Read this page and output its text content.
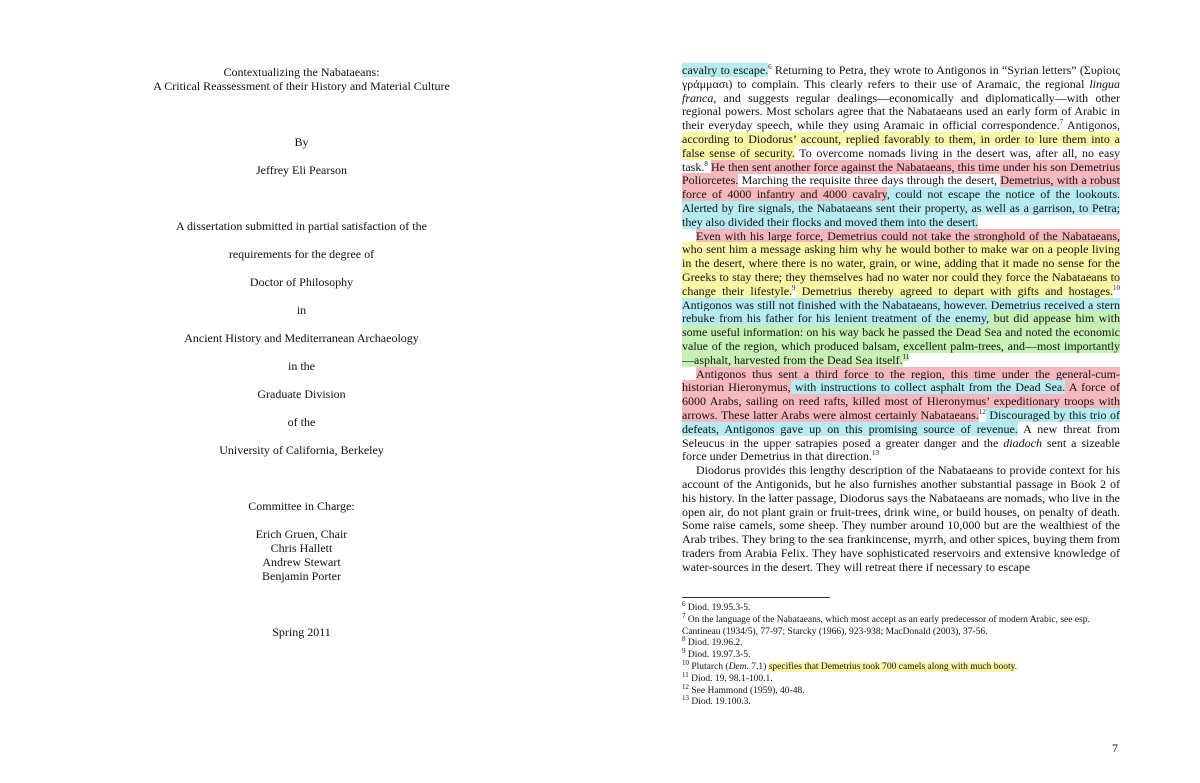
Contextualizing the Nabataeans:
A Critical Reassessment of their History and Material Culture
By
Jeffrey Eli Pearson
A dissertation submitted in partial satisfaction of the
requirements for the degree of
Doctor of Philosophy
in
Ancient History and Mediterranean Archaeology
in the
Graduate Division
of the
University of California, Berkeley
Committee in Charge:
Erich Gruen, Chair
Chris Hallett
Andrew Stewart
Benjamin Porter
Spring 2011

cavalry to escape.$^6$ Returning to Petra, they wrote to Antigonos in “Syrian letters” (Συρίοις γράμμασι) to complain. This clearly refers to their use of Aramaic, the regional lingua franca, and suggests regular dealings—economically and diplomatically—with other regional powers. Most scholars agree that the Nabataeans used an early form of Arabic in their everyday speech, while they using Aramaic in official correspondence.$^7$ Antigonos, according to Diodorus’ account, replied favorably to them, in order to lure them into a false sense of security. To overcome nomads living in the desert was, after all, no easy task.$^8$ He then sent another force against the Nabataeans, this time under his son Demetrius Poliorcetes. Marching the requisite three days through the desert, Demetrius, with a robust force of 4000 infantry and 4000 cavalry, could not escape the notice of the lookouts. Alerted by fire signals, the Nabataeans sent their property, as well as a garrison, to Petra; they also divided their flocks and moved them into the desert.

Even with his large force, Demetrius could not take the stronghold of the Nabataeans, who sent him a message asking him why he would bother to make war on a people living in the desert, where there is no water, grain, or wine, adding that it made no sense for the Greeks to stay there; they themselves had no water nor could they force the Nabataeans to change their lifestyle.$^9$ Demetrius thereby agreed to depart with gifts and hostages.$^{10}$ Antigonos was still not finished with the Nabataeans, however. Demetrius received a stern rebuke from his father for his lenient treatment of the enemy, but did appease him with some useful information: on his way back he passed the Dead Sea and noted the economic value of the region, which produced balsam, excellent palm-trees, and—most importantly—asphalt, harvested from the Dead Sea itself.$^{11}$

Antigonos thus sent a third force to the region, this time under the general-cum-historian Hieronymus, with instructions to collect asphalt from the Dead Sea. A force of 6000 Arabs, sailing on reed rafts, killed most of Hieronymus’ expeditionary troops with arrows. These latter Arabs were almost certainly Nabataeans.$^{12}$ Discouraged by this trio of defeats, Antigonos gave up on this promising source of revenue. A new threat from Seleucus in the upper satrapies posed a greater danger and the diadoch sent a sizeable force under Demetrius in that direction.$^{13}$

Diodorus provides this lengthy description of the Nabataeans to provide context for his account of the Antigonids, but he also furnishes another substantial passage in Book 2 of his history. In the latter passage, Diodorus says the Nabataeans are nomads, who live in the open air, do not plant grain or fruit-trees, drink wine, or build houses, on penalty of death. Some raise camels, some sheep. They number around 10,000 but are the wealthiest of the Arab tribes. They bring to the sea frankincense, myrrh, and other spices, buying them from traders from Arabia Felix. They have sophisticated reservoirs and extensive knowledge of water-sources in the desert. They will retreat there if necessary to escape

$^6$ Diod. 19.95.3-5.
$^7$ On the language of the Nabataeans, which most accept as an early predecessor of modern Arabic, see esp. Cantineau (1934/5), 77-97; Starcky (1966), 923-938; MacDonald (2003), 37-56.
$^8$ Diod. 19.96.2.
$^9$ Diod. 19.97.3-5.
$^{10}$ Plutarch (Dem. 7.1) specifies that Demetrius took 700 camels along with much booty.
$^{11}$ Diod. 19. 98.1-100.1.
$^{12}$ See Hammond (1959), 40-48.
$^{13}$ Diod. 19.100.3.
7
